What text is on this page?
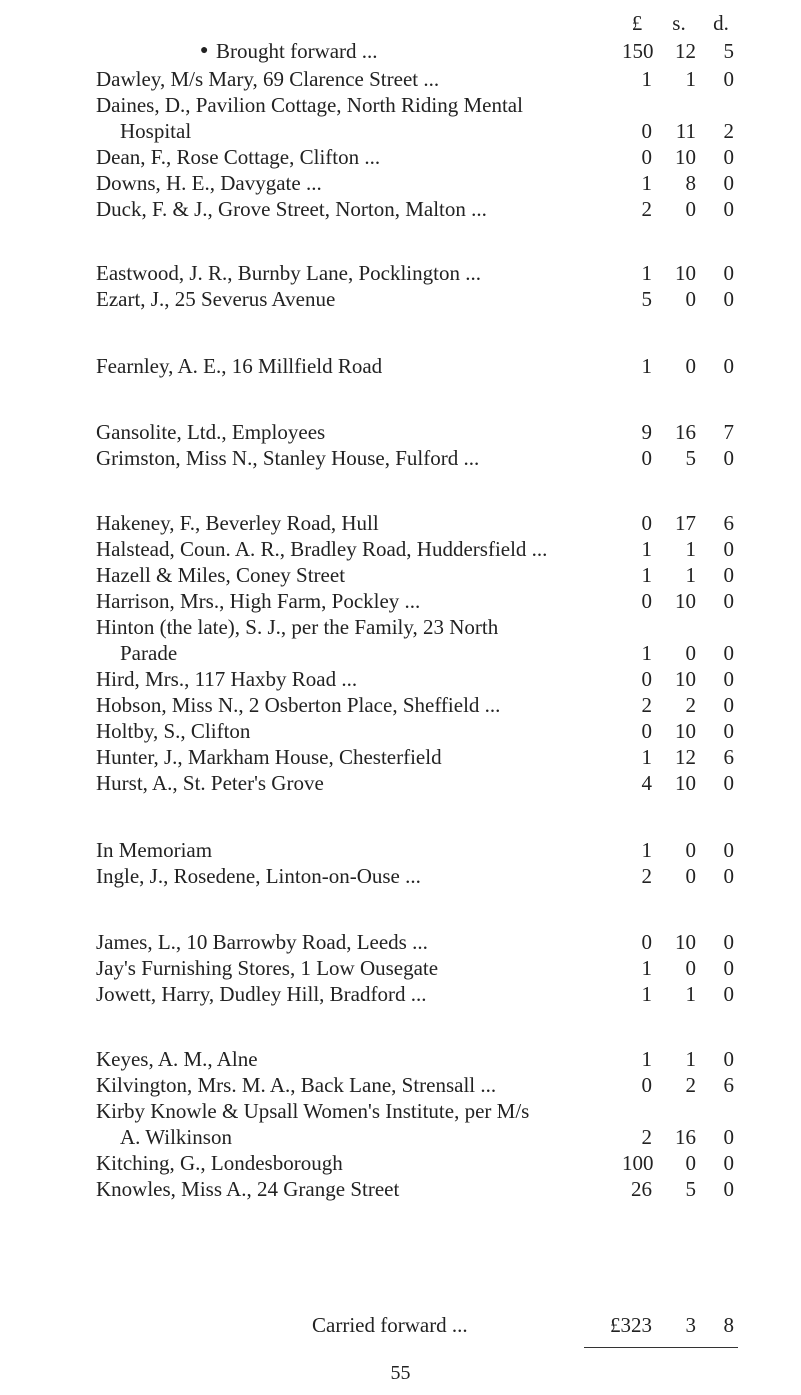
£	s.	d.
● Brought forward ...	150	12	5
Dawley, M/s Mary, 69 Clarence Street ...	1	1	0
Daines, D., Pavilion Cottage, North Riding Mental
Hospital	0	11	2
Dean, F., Rose Cottage, Clifton ...	0	10	0
Downs, H. E., Davygate ...	1	8	0
Duck, F. & J., Grove Street, Norton, Malton ...	2	0	0
Eastwood, J. R., Burnby Lane, Pocklington ...	1	10	0
Ezart, J., 25 Severus Avenue	5	0	0
Fearnley, A. E., 16 Millfield Road	1	0	0
Gansolite, Ltd., Employees	9	16	7
Grimston, Miss N., Stanley House, Fulford ...	0	5	0
Hakeney, F., Beverley Road, Hull	0	17	6
Halstead, Coun. A. R., Bradley Road, Huddersfield ...	1	1	0
Hazell & Miles, Coney Street	1	1	0
Harrison, Mrs., High Farm, Pockley ...	0	10	0
Hinton (the late), S. J., per the Family, 23 North
Parade	1	0	0
Hird, Mrs., 117 Haxby Road ...	0	10	0
Hobson, Miss N., 2 Osberton Place, Sheffield ...	2	2	0
Holtby, S., Clifton	0	10	0
Hunter, J., Markham House, Chesterfield	1	12	6
Hurst, A., St. Peter's Grove	4	10	0
In Memoriam	1	0	0
Ingle, J., Rosedene, Linton-on-Ouse ...	2	0	0
James, L., 10 Barrowby Road, Leeds ...	0	10	0
Jay's Furnishing Stores, 1 Low Ousegate	1	0	0
Jowett, Harry, Dudley Hill, Bradford ...	1	1	0
Keyes, A. M., Alne	1	1	0
Kilvington, Mrs. M. A., Back Lane, Strensall ...	0	2	6
Kirby Knowle & Upsall Women's Institute, per M/s
A. Wilkinson	2	16	0
Kitching, G., Londesborough	100	0	0
Knowles, Miss A., 24 Grange Street	26	5	0
Carried forward ...	£323	3	8
55
